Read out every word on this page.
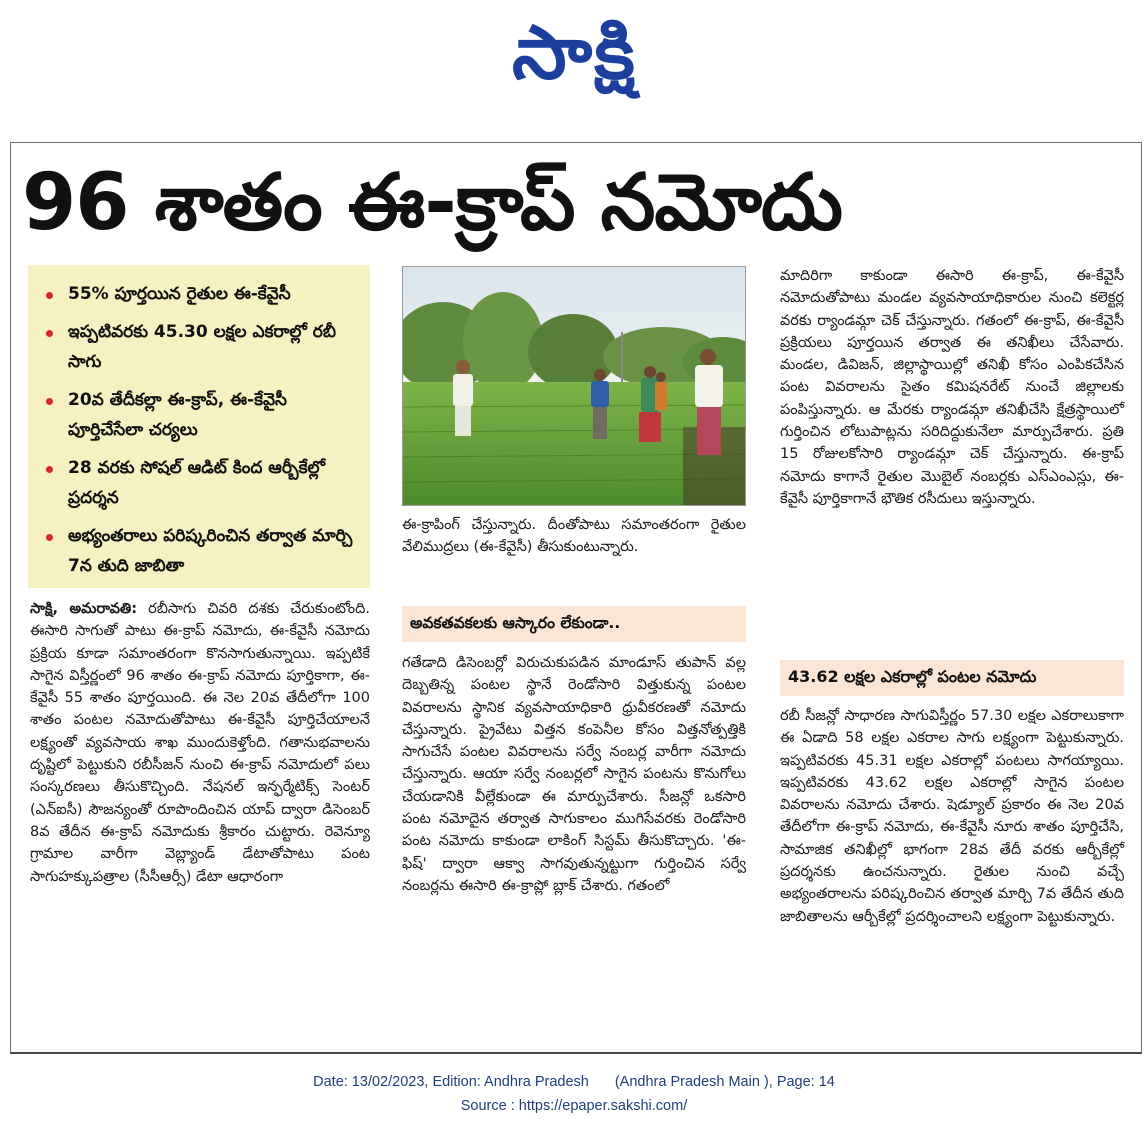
సాక్షి
96 శాతం ఈ-క్రాప్ నమోదు
55% పూర్తయిన రైతుల ఈ-కేవైసీ
ఇప్పటివరకు 45.30 లక్షల ఎకరాల్లో రబీ సాగు
20వ తేదీకల్లా ఈ-క్రాప్, ఈ-కేవైసీ పూర్తిచేసేలా చర్యలు
28 వరకు సోషల్ ఆడిట్ కింద ఆర్బీకేల్లో ప్రదర్శన
అభ్యంతరాలు పరిష్కరించిన తర్వాత మార్చి 7న తుది జాబితా

సాక్షి, అమరావతి: రబీసాగు చివరి దశకు చేరుకుంటోంది. ఈసారి సాగుతో పాటు ఈ-క్రాప్ నమోదు, ఈ-కేవైసీ నమోదు ప్రక్రియ కూడా సమాంతరంగా కొనసాగుతున్నాయి. ఇప్పటికే సాగైన విస్తీర్ణంలో 96 శాతం ఈ-క్రాప్ నమోదు పూర్తికాగా, ఈ-కేవైసీ 55 శాతం పూర్తయింది. ఈ నెల 20వ తేదీలోగా 100 శాతం పంటల నమోదుతోపాటు ఈ-కేవైసీ పూర్తిచేయాలనే లక్ష్యంతో వ్యవసాయ శాఖ ముందుకెళ్తోంది. గతానుభవాలను దృష్టిలో పెట్టుకుని రబీసీజన్ నుంచి ఈ-క్రాప్ నమోదులో పలు సంస్కరణలు తీసుకొచ్చింది. నేషనల్ ఇన్ఫర్మేటిక్స్ సెంటర్ (ఎన్ఐసీ) సౌజన్యంతో రూపొందించిన యాప్ ద్వారా డిసెంబర్ 8వ తేదీన ఈ-క్రాప్ నమోదుకు శ్రీకారం చుట్టారు. రెవెన్యూ గ్రామాల వారీగా వెబ్ల్యాండ్ డేటాతోపాటు పంట సాగుహక్కుపత్రాల (సీసీఆర్సీ) డేటా ఆధారంగా

ఈ-క్రాపింగ్ చేస్తున్నారు. దీంతోపాటు సమాంతరంగా రైతుల వేలిముద్రలు (ఈ-కేవైసీ) తీసుకుంటున్నారు.

అవకతవకలకు ఆస్కారం లేకుండా..

గతేడాది డిసెంబర్లో విరుచుకుపడిన మాండూస్ తుపాన్ వల్ల దెబ్బతిన్న పంటల స్థానే రెండోసారి విత్తుకున్న పంటల వివరాలను స్థానిక వ్యవసాయాధికారి ధ్రువీకరణతో నమోదు చేస్తున్నారు. ప్రైవేటు విత్తన కంపెనీల కోసం విత్తనోత్పత్తికి సాగుచేసే పంటల వివరాలను సర్వే నంబర్ల వారీగా నమోదు చేస్తున్నారు. ఆయా సర్వే నంబర్లలో సాగైన పంటను కొనుగోలు చేయడానికి వీల్లేకుండా ఈ మార్పుచేశారు. సీజన్లో ఒకసారి పంట నమోదైన తర్వాత సాగుకాలం ముగిసేవరకు రెండోసారి పంట నమోదు కాకుండా లాకింగ్ సిస్టమ్ తీసుకొచ్చారు. 'ఈ-ఫిష్' ద్వారా ఆక్వా సాగవుతున్నట్టుగా గుర్తించిన సర్వే నంబర్లను ఈసారి ఈ-క్రాప్లో బ్లాక్ చేశారు. గతంలో

మాదిరిగా కాకుండా ఈసారి ఈ-క్రాప్, ఈ-కేవైసీ నమోదుతోపాటు మండల వ్యవసాయాధికారుల నుంచి కలెక్టర్ల వరకు ర్యాండమ్గా చెక్ చేస్తున్నారు. గతంలో ఈ-క్రాప్, ఈ-కేవైసీ ప్రక్రియలు పూర్తయిన తర్వాత ఈ తనిఖీలు చేసేవారు. మండల, డివిజన్, జిల్లాస్థాయిల్లో తనిఖీ కోసం ఎంపికచేసిన పంట వివరాలను సైతం కమిషనరేట్ నుంచే జిల్లాలకు పంపిస్తున్నారు. ఆ మేరకు ర్యాండమ్గా తనిఖీచేసి క్షేత్రస్థాయిలో గుర్తించిన లోటుపాట్లను సరిదిద్దుకునేలా మార్పుచేశారు. ప్రతి 15 రోజులకోసారి ర్యాండమ్గా చెక్ చేస్తున్నారు. ఈ-క్రాప్ నమోదు కాగానే రైతుల మొబైల్ నంబర్లకు ఎస్ఎంఎస్లు, ఈ-కేవైసీ పూర్తికాగానే భౌతిక రసీదులు ఇస్తున్నారు.

43.62 లక్షల ఎకరాల్లో పంటల నమోదు

రబీ సీజన్లో సాధారణ సాగువిస్తీర్ణం 57.30 లక్షల ఎకరాలుకాగా ఈ ఏడాది 58 లక్షల ఎకరాల సాగు లక్ష్యంగా పెట్టుకున్నారు. ఇప్పటివరకు 45.31 లక్షల ఎకరాల్లో పంటలు సాగయ్యాయి. ఇప్పటివరకు 43.62 లక్షల ఎకరాల్లో సాగైన పంటల వివరాలను నమోదు చేశారు. షెడ్యూల్ ప్రకారం ఈ నెల 20వ తేదీలోగా ఈ-క్రాప్ నమోదు, ఈ-కేవైసీ నూరు శాతం పూర్తిచేసి, సామాజిక తనిఖీల్లో భాగంగా 28వ తేదీ వరకు ఆర్బీకేల్లో ప్రదర్శనకు ఉంచనున్నారు. రైతుల నుంచి వచ్చే అభ్యంతరాలను పరిష్కరించిన తర్వాత మార్చి 7వ తేదీన తుది జాబితాలను ఆర్బీకేల్లో ప్రదర్శించాలని లక్ష్యంగా పెట్టుకున్నారు.

Date: 13/02/2023, Edition: Andhra Pradesh (Andhra Pradesh Main ), Page: 14
Source : https://epaper.sakshi.com/
